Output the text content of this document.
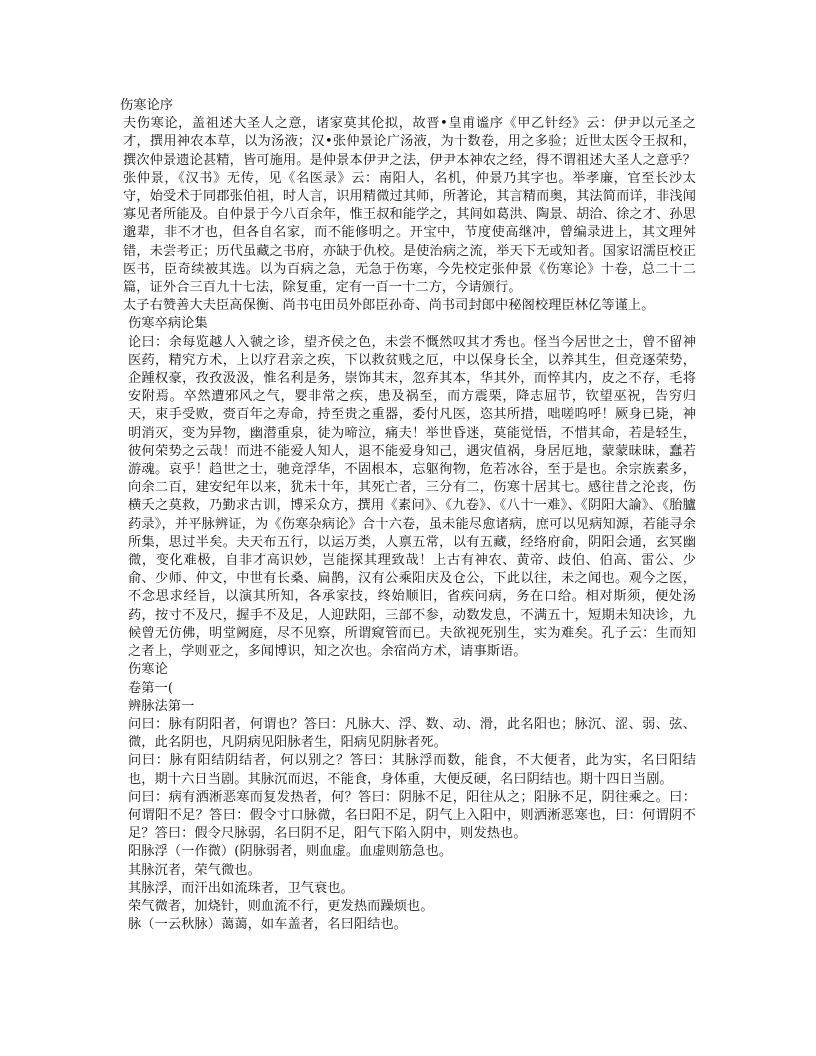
伤寒论序

夫伤寒论，盖祖述大圣人之意，诸家莫其伦拟，故晋•皇甫谧序《甲乙针经》云：伊尹以元圣之才，撰用神农本草，以为汤液；汉•张仲景论广汤液，为十数卷，用之多验；近世太医令王叔和，撰次仲景遗论甚精，皆可施用。是仲景本伊尹之法，伊尹本神农之经，得不谓祖述大圣人之意乎？张仲景，《汉书》无传，见《名医录》云：南阳人，名机，仲景乃其字也。举孝廉，官至长沙太守，始受术于同郡张伯祖，时人言，识用精微过其师，所著论，其言精而奥，其法简而详，非浅闻寡见者所能及。自仲景于今八百余年，惟王叔和能学之，其间如葛洪、陶景、胡洽、徐之才、孙思邈辈，非不才也，但各自名家，而不能修明之。开宝中，节度使高继冲，曾编录进上，其文理舛错，未尝考正；历代虽藏之书府，亦缺于仇校。是使治病之流，举天下无或知者。国家诏濡臣校正医书，臣奇续被其选。以为百病之急，无急于伤寒，今先校定张仲景《伤寒论》十卷，总二十二篇，证外合三百九十七法，除复重，定有一百一十二方，今请颁行。

太子右赞善大夫臣高保衡、尚书屯田员外郎臣孙奇、尚书司封郎中秘阁校理臣林亿等谨上。

伤寒卒病论集

论曰：余每览越人入虢之诊，望齐侯之色，未尝不慨然叹其才秀也。怪当今居世之士，曾不留神医药，精究方术，上以疗君亲之疾，下以救贫贱之厄，中以保身长全，以养其生，但竞逐荣势，企踵权豪，孜孜汲汲，惟名利是务，崇饰其末，忽弃其本，华其外，而悴其内，皮之不存，毛将安附焉。卒然遭邪风之气，婴非常之疾，患及祸至，而方震栗，降志屈节，钦望巫祝，告穷归天，束手受败，赍百年之寿命，持至贵之重器，委付凡医，恣其所措，咄嗟呜呼！厥身已毙，神明消灭，变为异物，幽潜重泉，徒为啼泣，痛夫！举世昏迷，莫能觉悟，不惜其命，若是轻生，彼何荣势之云哉！而进不能爱人知人，退不能爱身知己，遇灾值祸，身居厄地，蒙蒙昧昧，蠢若游魂。哀乎！趋世之士，驰竞浮华，不固根本，忘躯徇物，危若冰谷，至于是也。余宗族素多，向余二百，建安纪年以来，犹未十年，其死亡者，三分有二，伤寒十居其七。感往昔之沦丧，伤横夭之莫救，乃勤求古训，博采众方，撰用《素问》、《九卷》、《八十一难》、《阴阳大論》、《胎臚药录》，并平脉辨证，为《伤寒杂病论》合十六卷，虽未能尽愈诸病，庶可以见病知源，若能寻余所集，思过半矣。夫天布五行，以运万类，人禀五常，以有五藏，经络府俞，阴阳会通，玄冥幽微，变化难极，自非才高识妙，岂能探其理致哉！上古有神农、黄帝、歧伯、伯高、雷公、少俞、少师、仲文，中世有长桑、扁鹊，汉有公乘阳庆及仓公，下此以往，未之闻也。观今之医，不念思求经旨，以演其所知，各承家技，终始顺旧，省疾问病，务在口给。相对斯须，便处汤药，按寸不及尺，握手不及足，人迎趺阳，三部不参，动数发息，不满五十，短期未知决诊，九候曾无仿佛，明堂阙庭，尽不见察，所谓窥管而已。夫欲视死别生，实为难矣。孔子云：生而知之者上，学则亚之，多闻博识，知之次也。余宿尚方术，请事斯语。

伤寒论

卷第一(

辨脉法第一

问曰：脉有阴阳者，何谓也？答曰：凡脉大、浮、数、动、滑，此名阳也；脉沉、涩、弱、弦、微，此名阴也，凡阴病见阳脉者生，阳病见阴脉者死。

问曰：脉有阳结阴结者，何以别之？答曰：其脉浮而数，能食，不大便者，此为实，名曰阳结也，期十六日当剧。其脉沉而迟，不能食，身体重，大便反硬，名曰阴结也。期十四日当剧。

问曰：病有洒淅恶寒而复发热者，何？答曰：阴脉不足，阳往从之；阳脉不足，阴往乘之。曰：何谓阳不足？答曰：假令寸口脉微，名曰阳不足，阴气上入阳中，则洒淅恶寒也，曰：何谓阴不足？答曰：假令尺脉弱，名曰阴不足，阳气下陷入阴中，则发热也。

阳脉浮（一作微）(阴脉弱者，则血虚。血虚则筋急也。

其脉沉者，荣气微也。

其脉浮，而汗出如流珠者，卫气衰也。

荣气微者，加烧针，则血流不行，更发热而躁烦也。

脉（一云秋脉）蔼蔼，如车盖者，名曰阳结也。
